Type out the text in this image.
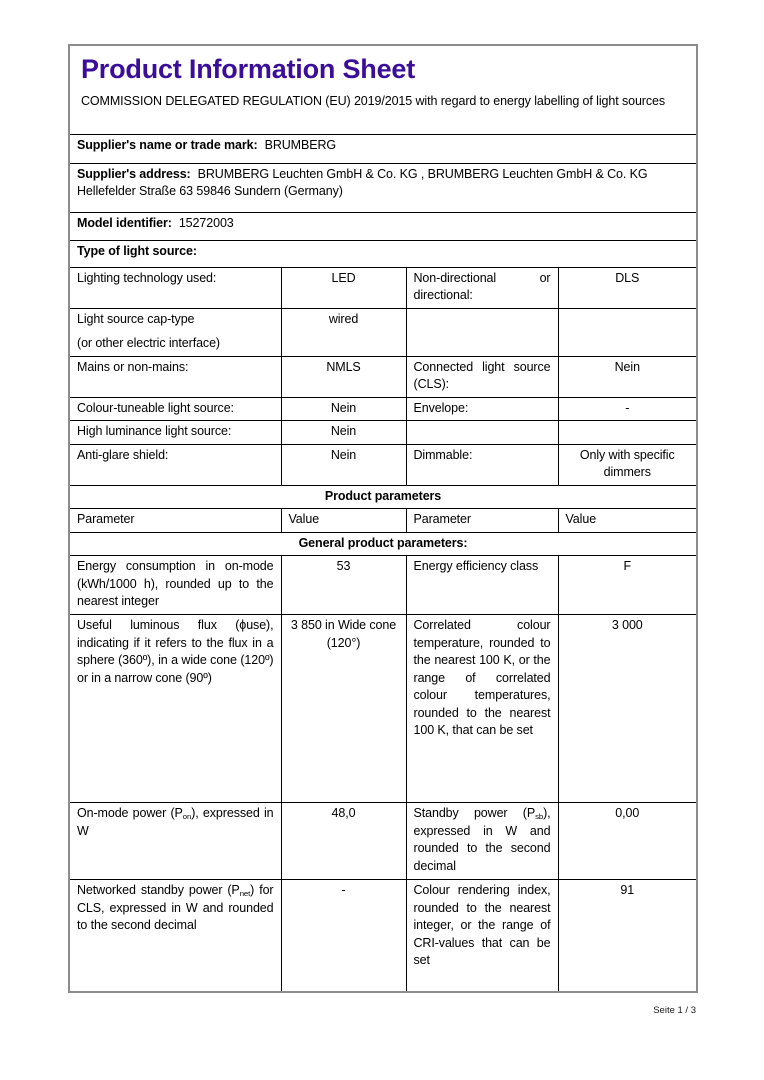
Product Information Sheet
COMMISSION DELEGATED REGULATION (EU) 2019/2015 with regard to energy labelling of light sources			

Supplier's name or trade mark: BRUMBERG			
Supplier's address: BRUMBERG Leuchten GmbH & Co. KG , BRUMBERG Leuchten GmbH & Co. KG Hellefelder Straße 63 59846 Sundern (Germany)			
Model identifier: 15272003			
Type of light source:			
Lighting technology used:	LED	Non-directional or directional:	DLS

Light source cap-type
(or other electric interface)	wired		
Mains or non-mains:	NMLS	Connected light source (CLS):	Nein
Colour-tuneable light source:	Nein	Envelope:	-
High luminance light source:	Nein		
Anti-glare shield:	Nein	Dimmable:	Only with specific dimmers
Product parameters			
Parameter	Value	Parameter	Value
General product parameters:			
Energy consumption in on-mode (kWh/1000 h), rounded up to the nearest integer	53	Energy efficiency class	F
Useful luminous flux (ϕuse), indicating if it refers to the flux in a sphere (360º), in a wide cone (120º) or in a narrow cone (90º)	3 850 in Wide cone (120°)	Correlated colour temperature, rounded to the nearest 100 K, or the range of correlated colour temperatures, rounded to the nearest 100 K, that can be set	3 000
On-mode power $(P_{on})$, expressed in W	48,0	Standby power $(P_{sb})$, expressed in W and rounded to the second decimal	0,00
Networked standby power $(P_{net})$ for CLS, expressed in W and rounded to the second decimal	-	Colour rendering index, rounded to the nearest integer, or the range of CRI-values that can be set	91
Seite 1 / 3
